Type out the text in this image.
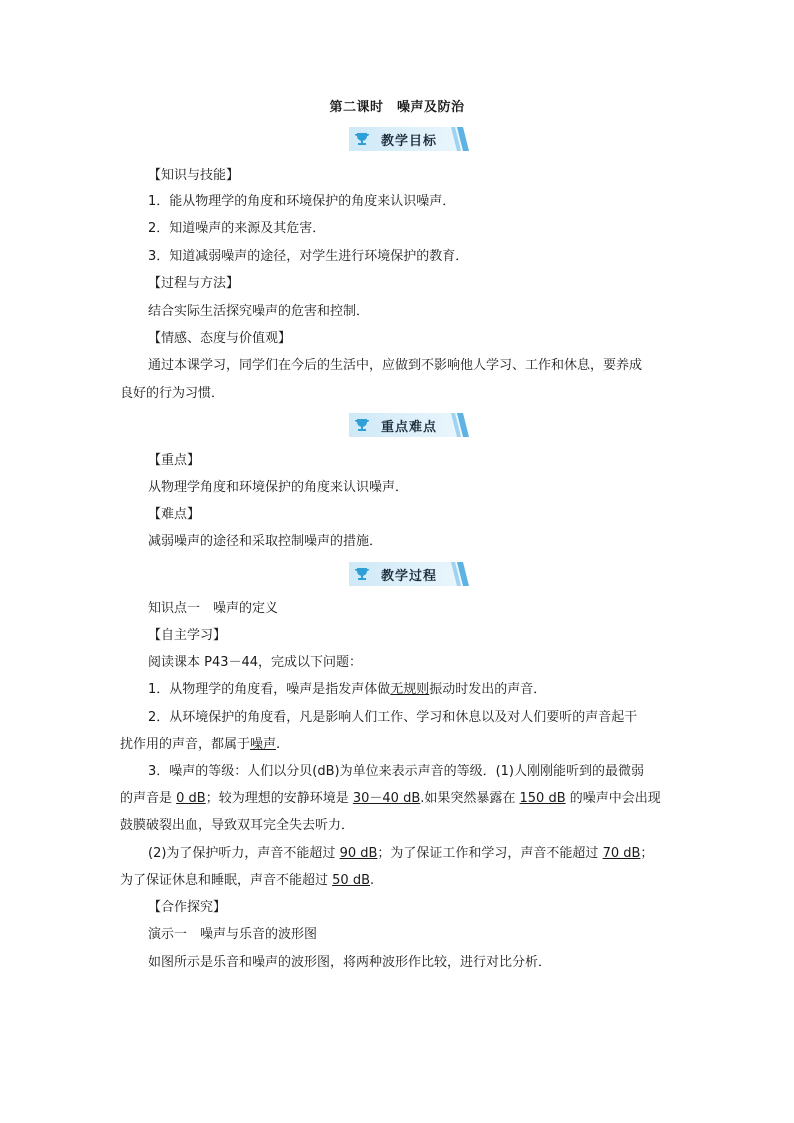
第二课时　噪声及防治
教学目标
【知识与技能】
1．能从物理学的角度和环境保护的角度来认识噪声．
2．知道噪声的来源及其危害．
3．知道减弱噪声的途径，对学生进行环境保护的教育．
【过程与方法】
结合实际生活探究噪声的危害和控制．
【情感、态度与价值观】
通过本课学习，同学们在今后的生活中，应做到不影响他人学习、工作和休息，要养成
良好的行为习惯．
重点难点
【重点】
从物理学角度和环境保护的角度来认识噪声．
【难点】
减弱噪声的途径和采取控制噪声的措施．
教学过程
知识点一　噪声的定义
【自主学习】
阅读课本 P43－44，完成以下问题：
1．从物理学的角度看，噪声是指发声体做无规则振动时发出的声音．
2．从环境保护的角度看，凡是影响人们工作、学习和休息以及对人们要听的声音起干
扰作用的声音，都属于噪声.
3．噪声的等级：人们以分贝(dB)为单位来表示声音的等级．(1)人刚刚能听到的最微弱
的声音是 0 dB；较为理想的安静环境是 30－40 dB.如果突然暴露在 150 dB 的噪声中会出现
鼓膜破裂出血，导致双耳完全失去听力．
(2)为了保护听力，声音不能超过 90 dB；为了保证工作和学习，声音不能超过 70 dB；
为了保证休息和睡眠，声音不能超过 50 dB.
【合作探究】
演示一　噪声与乐音的波形图
如图所示是乐音和噪声的波形图，将两种波形作比较，进行对比分析．
